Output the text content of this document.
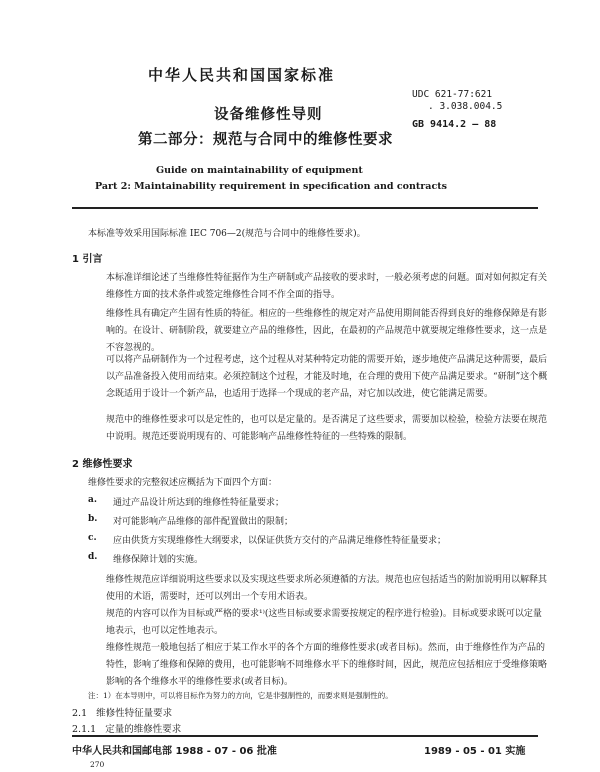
中华人民共和国国家标准
UDC 621-77:621
. 3.038.004.5
GB 9414.2 — 88
设备维修性导则
第二部分：规范与合同中的维修性要求
Guide on maintainability of equipment
Part 2: Maintainability requirement in specification and contracts
本标准等效采用国际标准 IEC 706—2(规范与合同中的维修性要求)。
1 引言
本标准详细论述了当维修性特征据作为生产研制或产品接收的要求时，一般必须考虑的问题。面对如何拟定有关维修性方面的技术条件或签定维修性合同不作全面的指导。
维修性具有确定产生固有性质的特征。相应的一些维修性的规定对产品使用期间能否得到良好的维修保障是有影响的。在设计、研制阶段，就要建立产品的维修性，因此，在最初的产品规范中就要规定维修性要求，这一点是不容忽视的。
可以将产品研制作为一个过程考虑，这个过程从对某种特定功能的需要开始，逐步地使产品满足这种需要，最后以产品准备投入使用而结束。必须控制这个过程，才能及时地，在合理的费用下使产品满足要求。“研制”这个概念既适用于设计一个新产品，也适用于选择一个现成的老产品，对它加以改进，使它能满足需要。
规范中的维修性要求可以是定性的，也可以是定量的。是否满足了这些要求，需要加以检验，检验方法要在规范中说明。规范还要说明现有的、可能影响产品维修性特征的一些特殊的限制。
2 维修性要求
维修性要求的完整叙述应概括为下面四个方面：
a. 通过产品设计所达到的维修性特征量要求；
b. 对可能影响产品维修的部件配置做出的限制；
c. 应由供货方实现维修性大纲要求，以保证供货方交付的产品满足维修性特征量要求；
d. 维修保障计划的实施。
维修性规范应详细说明这些要求以及实现这些要求所必须遵循的方法。规范也应包括适当的附加说明用以解释其使用的术语，需要时，还可以列出一个专用术语表。
规范的内容可以作为目标或严格的要求¹⁾(这些目标或要求需要按规定的程序进行检验)。目标或要求既可以定量地表示，也可以定性地表示。
维修性规范一般地包括了相应于某工作水平的各个方面的维修性要求(或者目标)。然而，由于维修性作为产品的特性，影响了维修和保障的费用，也可能影响不同维修水平下的维修时间，因此，规范应包括相应于受维修策略影响的各个维修水平的维修性要求(或者目标)。
注：1）在本导则中，可以将目标作为努力的方向，它是非强制性的，而要求则是强制性的。
2.1   维修性特征量要求
2.1.1   定量的维修性要求
中华人民共和国邮电部 1988 - 07 - 06 批准	1989 - 05 - 01 实施
270
